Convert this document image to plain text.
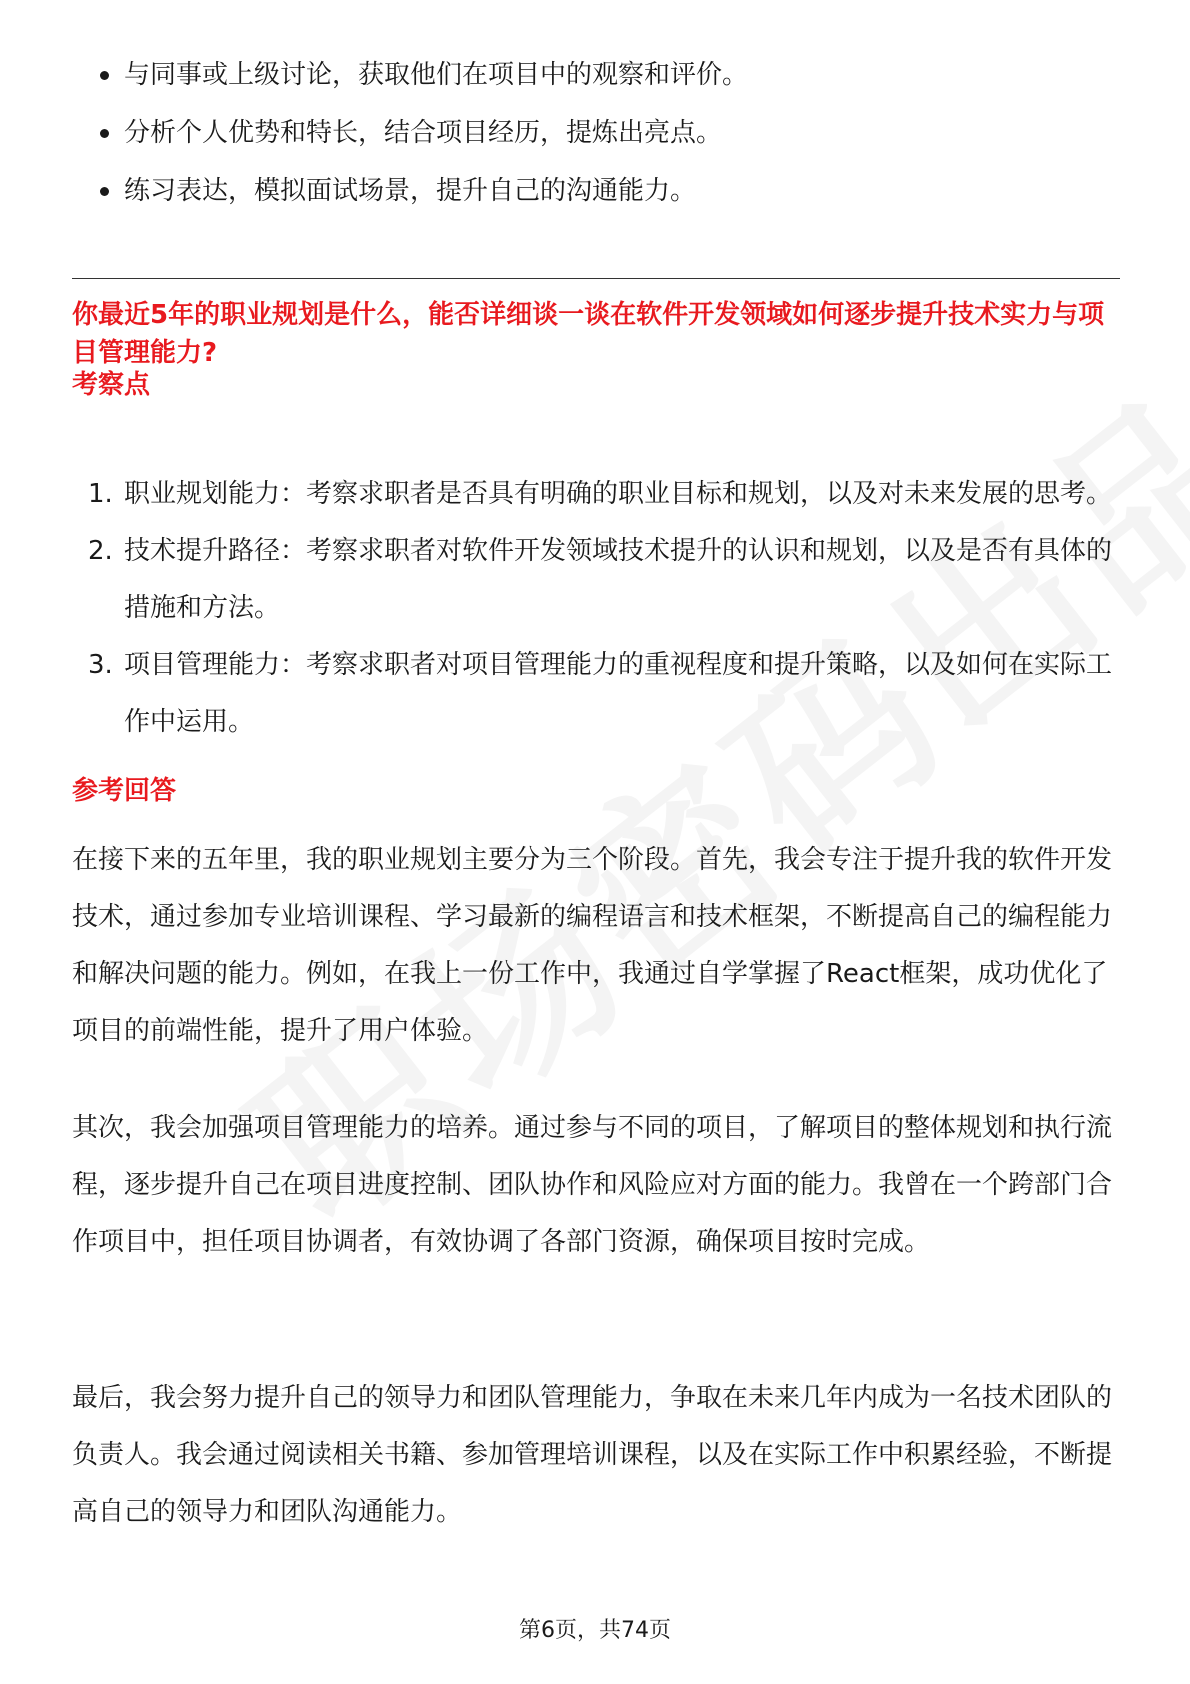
与同事或上级讨论，获取他们在项目中的观察和评价。
分析个人优势和特长，结合项目经历，提炼出亮点。
练习表达，模拟面试场景，提升自己的沟通能力。
你最近5年的职业规划是什么，能否详细谈一谈在软件开发领域如何逐步提升技术实力与项目管理能力?
考察点
1. 职业规划能力：考察求职者是否具有明确的职业目标和规划，以及对未来发展的思考。
2. 技术提升路径：考察求职者对软件开发领域技术提升的认识和规划，以及是否有具体的措施和方法。
3. 项目管理能力：考察求职者对项目管理能力的重视程度和提升策略，以及如何在实际工作中运用。
参考回答

在接下来的五年里，我的职业规划主要分为三个阶段。首先，我会专注于提升我的软件开发技术，通过参加专业培训课程、学习最新的编程语言和技术框架，不断提高自己的编程能力和解决问题的能力。例如，在我上一份工作中，我通过自学掌握了React框架，成功优化了项目的前端性能，提升了用户体验。

其次，我会加强项目管理能力的培养。通过参与不同的项目，了解项目的整体规划和执行流程，逐步提升自己在项目进度控制、团队协作和风险应对方面的能力。我曾在一个跨部门合作项目中，担任项目协调者，有效协调了各部门资源，确保项目按时完成。

最后，我会努力提升自己的领导力和团队管理能力，争取在未来几年内成为一名技术团队的负责人。我会通过阅读相关书籍、参加管理培训课程，以及在实际工作中积累经验，不断提高自己的领导力和团队沟通能力。

第6页，共74页
